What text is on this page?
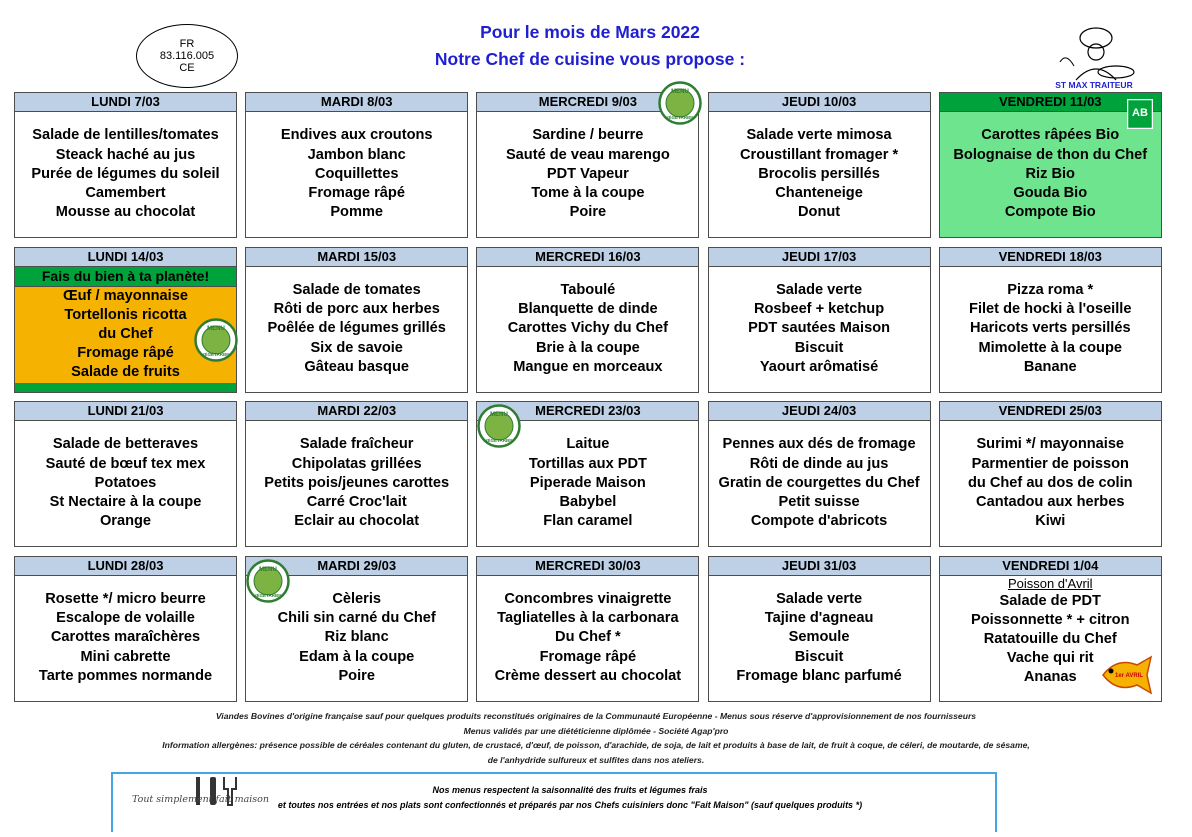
FR
83.116.005
CE
Pour le mois de Mars 2022
Notre Chef de cuisine vous propose :
ST MAX TRAITEUR
LUNDI 7/03
Salade de lentilles/tomates
Steack haché au jus
Purée de légumes du soleil
Camembert
Mousse au chocolat
MARDI 8/03
Endives aux croutons
Jambon blanc
Coquillettes
Fromage râpé
Pomme
MERCREDI 9/03
Sardine / beurre
Sauté de veau marengo
PDT Vapeur
Tome à la coupe
Poire
MENU
VÉGÉTARIEN
JEUDI 10/03
Salade verte mimosa
Croustillant fromager *
Brocolis persillés
Chanteneige
Donut
VENDREDI 11/03
Carottes râpées Bio
Bolognaise de thon du Chef
Riz Bio
Gouda Bio
Compote Bio
AB
LUNDI 14/03
Fais du bien à ta planète!
Œuf / mayonnaise
Tortellonis ricotta
du Chef
Fromage râpé
Salade de fruits
MENU
VÉGÉTARIEN
MARDI 15/03
Salade de tomates
Rôti de porc aux herbes
Poêlée de légumes grillés
Six de savoie
Gâteau basque
MERCREDI 16/03
Taboulé
Blanquette de dinde
Carottes Vichy du Chef
Brie à la coupe
Mangue en morceaux
JEUDI 17/03
Salade verte
Rosbeef + ketchup
PDT sautées Maison
Biscuit
Yaourt arômatisé
VENDREDI 18/03
Pizza roma *
Filet de hocki à l'oseille
Haricots verts persillés
Mimolette à la coupe
Banane
LUNDI 21/03
Salade de betteraves
Sauté de bœuf tex mex
Potatoes
St Nectaire à la coupe
Orange
MARDI 22/03
Salade fraîcheur
Chipolatas grillées
Petits pois/jeunes carottes
Carré Croc'lait
Eclair au chocolat
MERCREDI 23/03
Laitue
Tortillas aux PDT
Piperade Maison
Babybel
Flan caramel
MENU
VÉGÉTARIEN
JEUDI 24/03
Pennes aux dés de fromage
Rôti de dinde au jus
Gratin de courgettes du Chef
Petit suisse
Compote d'abricots
VENDREDI 25/03
Surimi */ mayonnaise
Parmentier de poisson
du Chef au dos de colin
Cantadou aux herbes
Kiwi
LUNDI 28/03
Rosette */ micro beurre
Escalope de volaille
Carottes maraîchères
Mini cabrette
Tarte pommes normande
MARDI 29/03
Cèleris
Chili sin carné du Chef
Riz blanc
Edam à la coupe
Poire
MENU
VÉGÉTARIEN
MERCREDI 30/03
Concombres vinaigrette
Tagliatelles à la carbonara
Du Chef *
Fromage râpé
Crème dessert au chocolat
JEUDI 31/03
Salade verte
Tajine d'agneau
Semoule
Biscuit
Fromage blanc parfumé
VENDREDI 1/04
Poisson d'Avril
Salade de PDT
Poissonnette * + citron
Ratatouille du Chef
Vache qui rit
Ananas	1er AVRIL
Viandes Bovines d'origine française sauf pour quelques produits reconstitués originaires de la Communauté Européenne - Menus sous réserve d'approvisionnement de nos fournisseurs
Menus validés par une diététicienne diplômée - Société Agap'pro
Information allergènes: présence possible de céréales contenant du gluten, de crustacé, d'œuf, de poisson, d'arachide, de soja, de lait et produits à base de lait, de fruit à coque, de céleri, de moutarde, de sésame,
de l'anhydride sulfureux et sulfites dans nos ateliers.
Tout simplement fait maison
Nos menus respectent la saisonnalité des fruits et légumes frais
et toutes nos entrées et nos plats sont confectionnés et préparés par nos Chefs cuisiniers donc "Fait Maison" (sauf quelques produits *)
